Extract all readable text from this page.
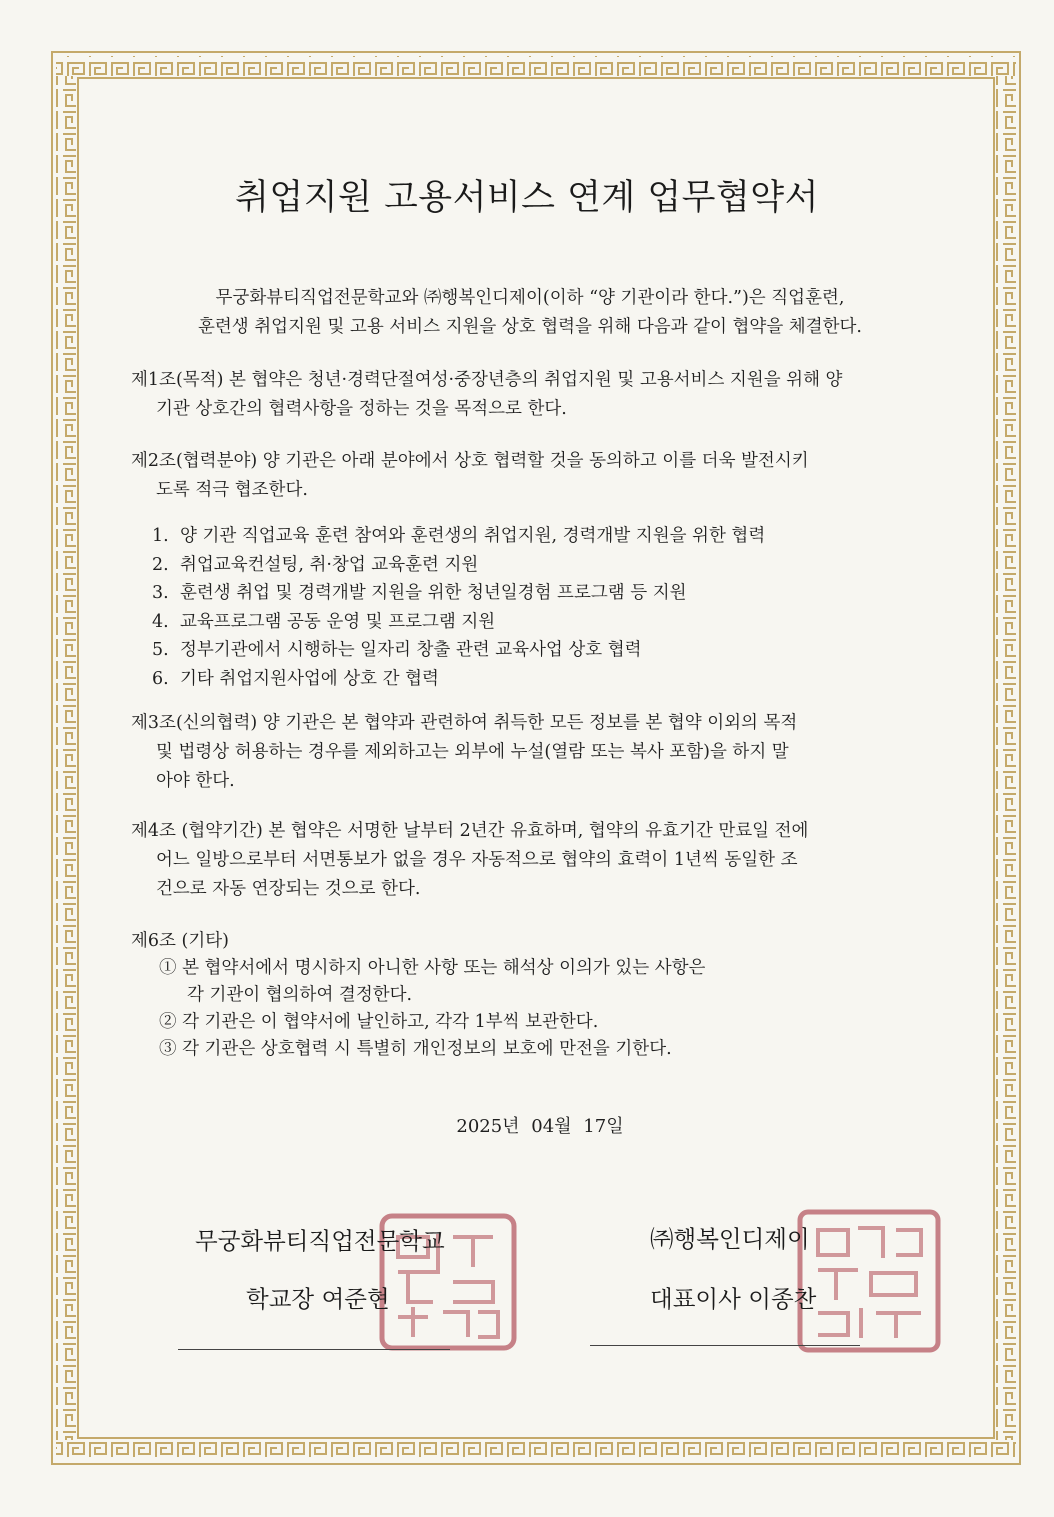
취업지원 고용서비스 연계 업무협약서
무궁화뷰티직업전문학교와 ㈜행복인디제이(이하 “양 기관이라 한다.”)은 직업훈련,
훈련생 취업지원 및 고용 서비스 지원을 상호 협력을 위해 다음과 같이 협약을 체결한다.
제1조(목적) 본 협약은 청년·경력단절여성·중장년층의 취업지원 및 고용서비스 지원을 위해 양
기관 상호간의 협력사항을 정하는 것을 목적으로 한다.
제2조(협력분야) 양 기관은 아래 분야에서 상호 협력할 것을 동의하고 이를 더욱 발전시키
도록 적극 협조한다.
1. 양 기관 직업교육 훈련 참여와 훈련생의 취업지원, 경력개발 지원을 위한 협력
2. 취업교육컨설팅, 취·창업 교육훈련 지원
3. 훈련생 취업 및 경력개발 지원을 위한 청년일경험 프로그램 등 지원
4. 교육프로그램 공동 운영 및 프로그램 지원
5. 정부기관에서 시행하는 일자리 창출 관련 교육사업 상호 협력
6. 기타 취업지원사업에 상호 간 협력
제3조(신의협력) 양 기관은 본 협약과 관련하여 취득한 모든 정보를 본 협약 이외의 목적
및 법령상 허용하는 경우를 제외하고는 외부에 누설(열람 또는 복사 포함)을 하지 말
아야 한다.
제4조 (협약기간) 본 협약은 서명한 날부터 2년간 유효하며, 협약의 유효기간 만료일 전에
어느 일방으로부터 서면통보가 없을 경우 자동적으로 협약의 효력이 1년씩 동일한 조
건으로 자동 연장되는 것으로 한다.
제6조 (기타)
① 본 협약서에서 명시하지 아니한 사항 또는 해석상 이의가 있는 사항은
각 기관이 협의하여 결정한다.
② 각 기관은 이 협약서에 날인하고, 각각 1부씩 보관한다.
③ 각 기관은 상호협력 시 특별히 개인정보의 보호에 만전을 기한다.
2025년 04월 17일
무궁화뷰티직업전문학교
학교장 여준현
㈜행복인디제이
대표이사 이종찬
